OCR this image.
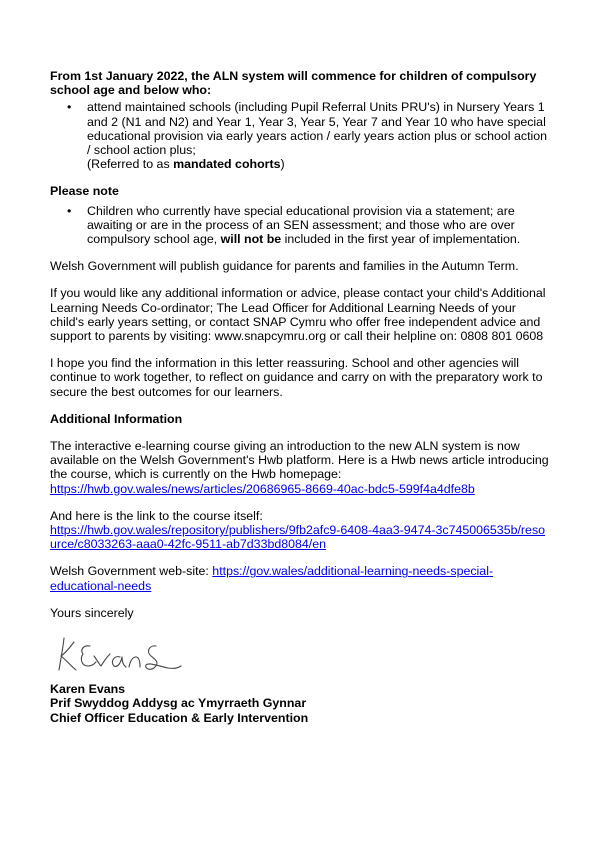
From 1st January 2022, the ALN system will commence for children of compulsory school age and below who:

• attend maintained schools (including Pupil Referral Units PRU's) in Nursery Years 1 and 2 (N1 and N2) and Year 1, Year 3, Year 5, Year 7 and Year 10 who have special educational provision via early years action / early years action plus or school action / school action plus;
(Referred to as mandated cohorts)

Please note

• Children who currently have special educational provision via a statement; are awaiting or are in the process of an SEN assessment; and those who are over compulsory school age, will not be included in the first year of implementation.

Welsh Government will publish guidance for parents and families in the Autumn Term.

If you would like any additional information or advice, please contact your child's Additional Learning Needs Co-ordinator; The Lead Officer for Additional Learning Needs of your child's early years setting, or contact SNAP Cymru who offer free independent advice and support to parents by visiting: www.snapcymru.org or call their helpline on: 0808 801 0608

I hope you find the information in this letter reassuring. School and other agencies will continue to work together, to reflect on guidance and carry on with the preparatory work to secure the best outcomes for our learners.

Additional Information

The interactive e-learning course giving an introduction to the new ALN system is now available on the Welsh Government's Hwb platform. Here is a Hwb news article introducing the course, which is currently on the Hwb homepage:
https://hwb.gov.wales/news/articles/20686965-8669-40ac-bdc5-599f4a4dfe8b

And here is the link to the course itself:
https://hwb.gov.wales/repository/publishers/9fb2afc9-6408-4aa3-9474-3c745006535b/resource/c8033263-aaa0-42fc-9511-ab7d33bd8084/en

Welsh Government web-site: https://gov.wales/additional-learning-needs-special-educational-needs

Yours sincerely

Karen Evans

Prif Swyddog Addysg ac Ymyrraeth Gynnar

Chief Officer Education & Early Intervention
